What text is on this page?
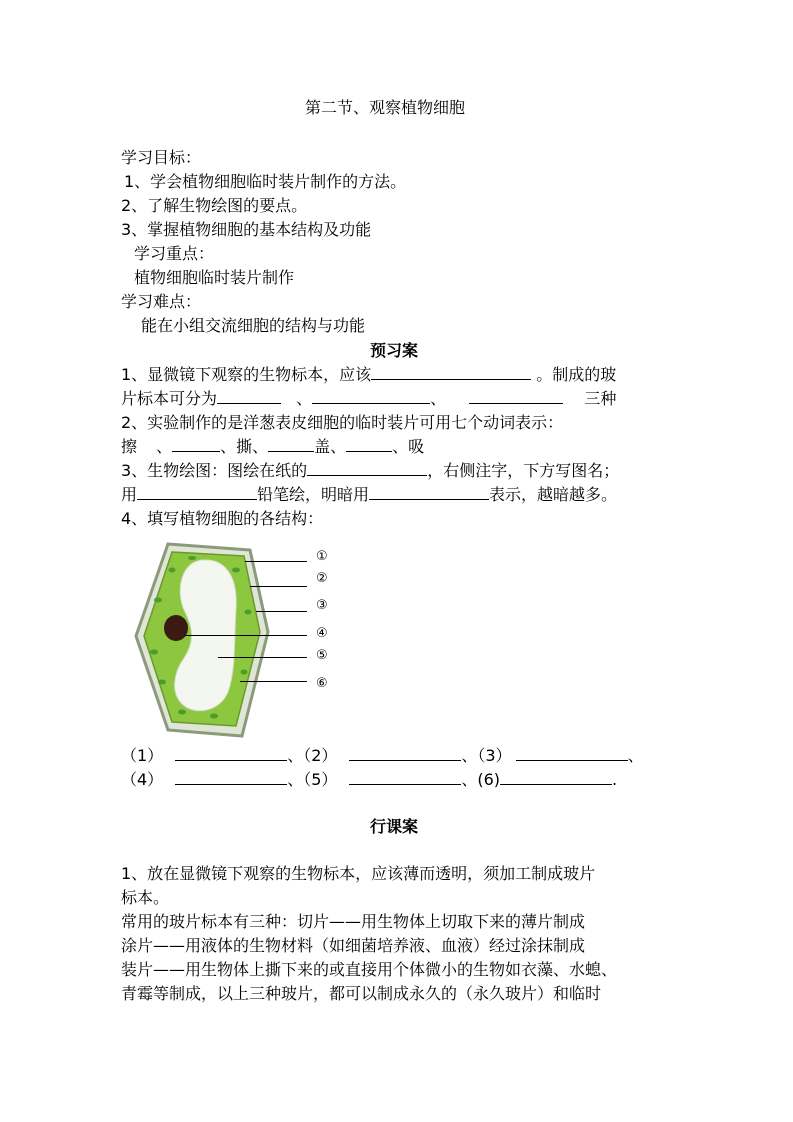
第二节、观察植物细胞
学习目标：
1、学会植物细胞临时装片制作的方法。
2、了解生物绘图的要点。
3、掌握植物细胞的基本结构及功能
学习重点：
植物细胞临时装片制作
学习难点：
能在小组交流细胞的结构与功能
预习案
1、显微镜下观察的生物标本，应该	。制成的玻
片标本可分为	、	、	三种
2、实验制作的是洋葱表皮细胞的临时装片可用七个动词表示：
擦 、	、撕、	盖、	、吸
3、生物绘图：图绘在纸的	，右侧注字，下方写图名；
用	铅笔绘，明暗用	表示，越暗越多。
4、填写植物细胞的各结构：
①
②
③
④
⑤
⑥
（1）	、（2）	、（3）	、
（4）	、（5）	、(6)	.
行课案
1、放在显微镜下观察的生物标本，应该薄而透明，须加工制成玻片
标本。
常用的玻片标本有三种：切片——用生物体上切取下来的薄片制成
涂片——用液体的生物材料（如细菌培养液、血液）经过涂抹制成
装片——用生物体上撕下来的或直接用个体微小的生物如衣藻、水螅、
青霉等制成，以上三种玻片，都可以制成永久的（永久玻片）和临时
